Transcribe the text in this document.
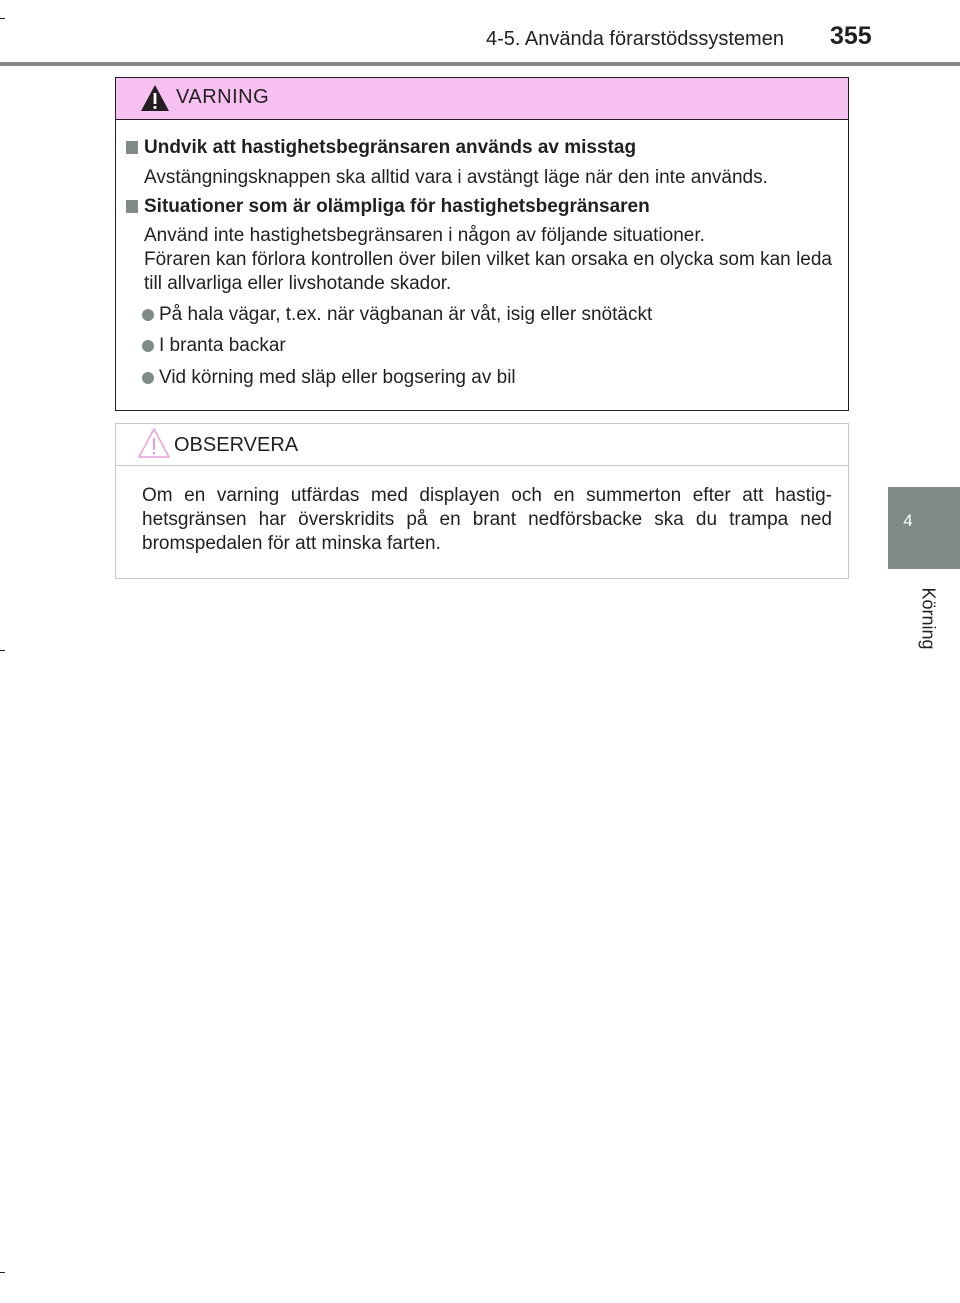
4-5. Använda förarstödssystemen 355
4
Körning
VARNING
Undvik att hastighetsbegränsaren används av misstag
Avstängningsknappen ska alltid vara i avstängt läge när den inte används.
Situationer som är olämpliga för hastighetsbegränsaren
Använd inte hastighetsbegränsaren i någon av följande situationer.
Föraren kan förlora kontrollen över bilen vilket kan orsaka en olycka som kan leda till allvarliga eller livshotande skador.
På hala vägar, t.ex. när vägbanan är våt, isig eller snötäckt
I branta backar
Vid körning med släp eller bogsering av bil
OBSERVERA
Om en varning utfärdas med displayen och en summerton efter att hastig-hetsgränsen har överskridits på en brant nedförsbacke ska du trampa ned bromspedalen för att minska farten.
